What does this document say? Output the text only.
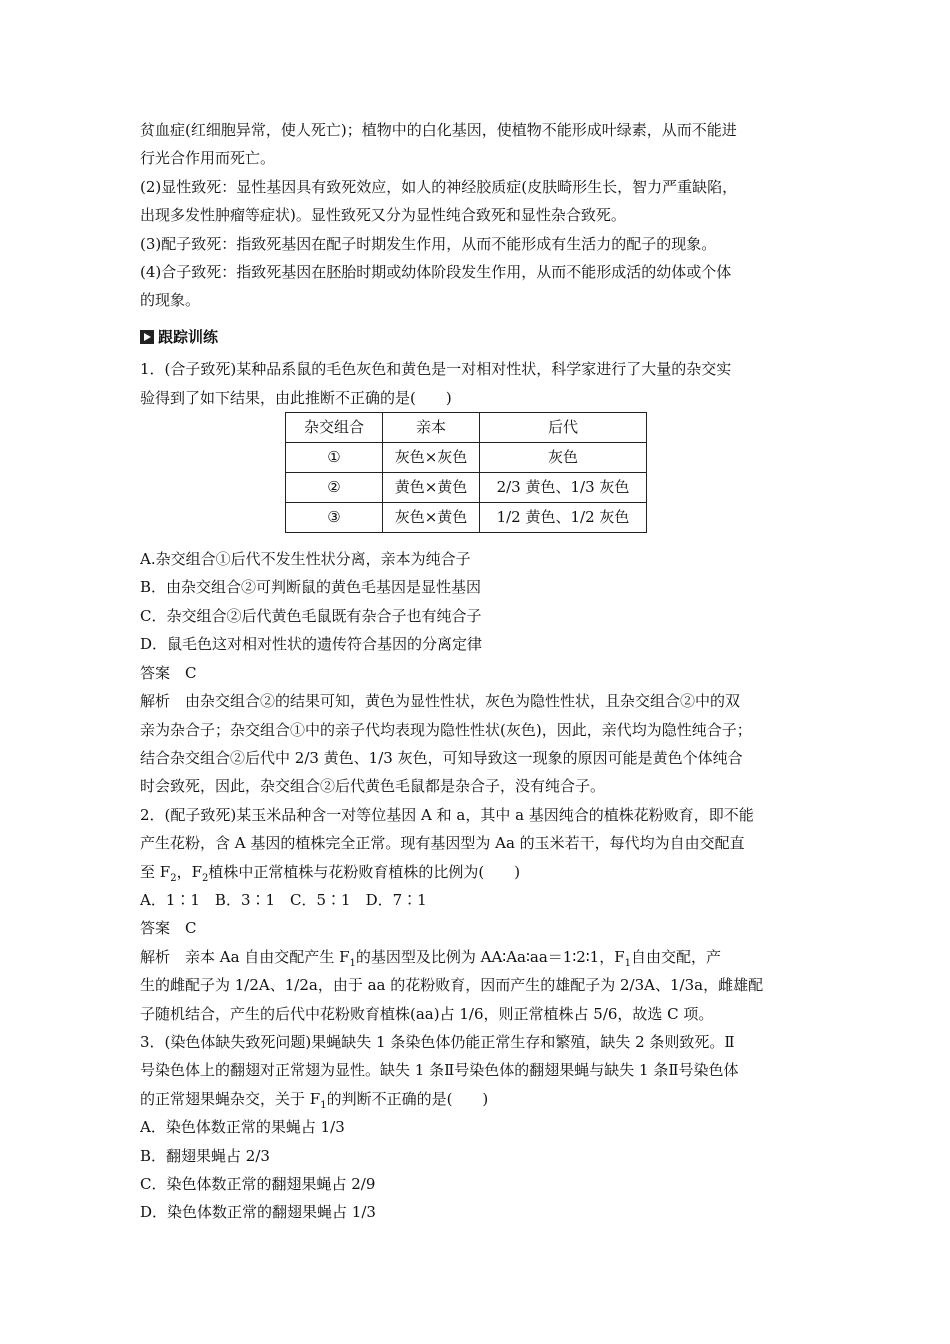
贫血症(红细胞异常，使人死亡)；植物中的白化基因，使植物不能形成叶绿素，从而不能进

行光合作用而死亡。

(2)显性致死：显性基因具有致死效应，如人的神经胶质症(皮肤畸形生长，智力严重缺陷，

出现多发性肿瘤等症状)。显性致死又分为显性纯合致死和显性杂合致死。

(3)配子致死：指致死基因在配子时期发生作用，从而不能形成有生活力的配子的现象。

(4)合子致死：指致死基因在胚胎时期或幼体阶段发生作用，从而不能形成活的幼体或个体

的现象。

跟踪训练

1．(合子致死)某种品系鼠的毛色灰色和黄色是一对相对性状，科学家进行了大量的杂交实

验得到了如下结果，由此推断不正确的是(　　)

杂交组合	亲本	后代
①	灰色×灰色	灰色
②	黄色×黄色	2/3 黄色、1/3 灰色
③	灰色×黄色	1/2 黄色、1/2 灰色

A.杂交组合①后代不发生性状分离，亲本为纯合子

B．由杂交组合②可判断鼠的黄色毛基因是显性基因

C．杂交组合②后代黄色毛鼠既有杂合子也有纯合子

D．鼠毛色这对相对性状的遗传符合基因的分离定律

答案　C

解析　由杂交组合②的结果可知，黄色为显性性状，灰色为隐性性状，且杂交组合②中的双

亲为杂合子；杂交组合①中的亲子代均表现为隐性性状(灰色)，因此，亲代均为隐性纯合子；

结合杂交组合②后代中 2/3 黄色、1/3 灰色，可知导致这一现象的原因可能是黄色个体纯合

时会致死，因此，杂交组合②后代黄色毛鼠都是杂合子，没有纯合子。

2．(配子致死)某玉米品种含一对等位基因 A 和 a，其中 a 基因纯合的植株花粉败育，即不能

产生花粉，含 A 基因的植株完全正常。现有基因型为 Aa 的玉米若干，每代均为自由交配直

至 $F_2$，$F_2$植株中正常植株与花粉败育植株的比例为(　　)

A．1∶1　B．3∶1　C．5∶1　D．7∶1

答案　C

解析　亲本 Aa 自由交配产生 $F_1$的基因型及比例为 AA∶Aa∶aa＝1∶2∶1，$F_1$自由交配，产

生的雌配子为 1/2A、1/2a，由于 aa 的花粉败育，因而产生的雄配子为 2/3A、1/3a，雌雄配

子随机结合，产生的后代中花粉败育植株(aa)占 1/6，则正常植株占 5/6，故选 C 项。

3．(染色体缺失致死问题)果蝇缺失 1 条染色体仍能正常生存和繁殖，缺失 2 条则致死。Ⅱ

号染色体上的翻翅对正常翅为显性。缺失 1 条Ⅱ号染色体的翻翅果蝇与缺失 1 条Ⅱ号染色体

的正常翅果蝇杂交，关于 $F_1$的判断不正确的是(　　)

A．染色体数正常的果蝇占 1/3

B．翻翅果蝇占 2/3

C．染色体数正常的翻翅果蝇占 2/9

D．染色体数正常的翻翅果蝇占 1/3
